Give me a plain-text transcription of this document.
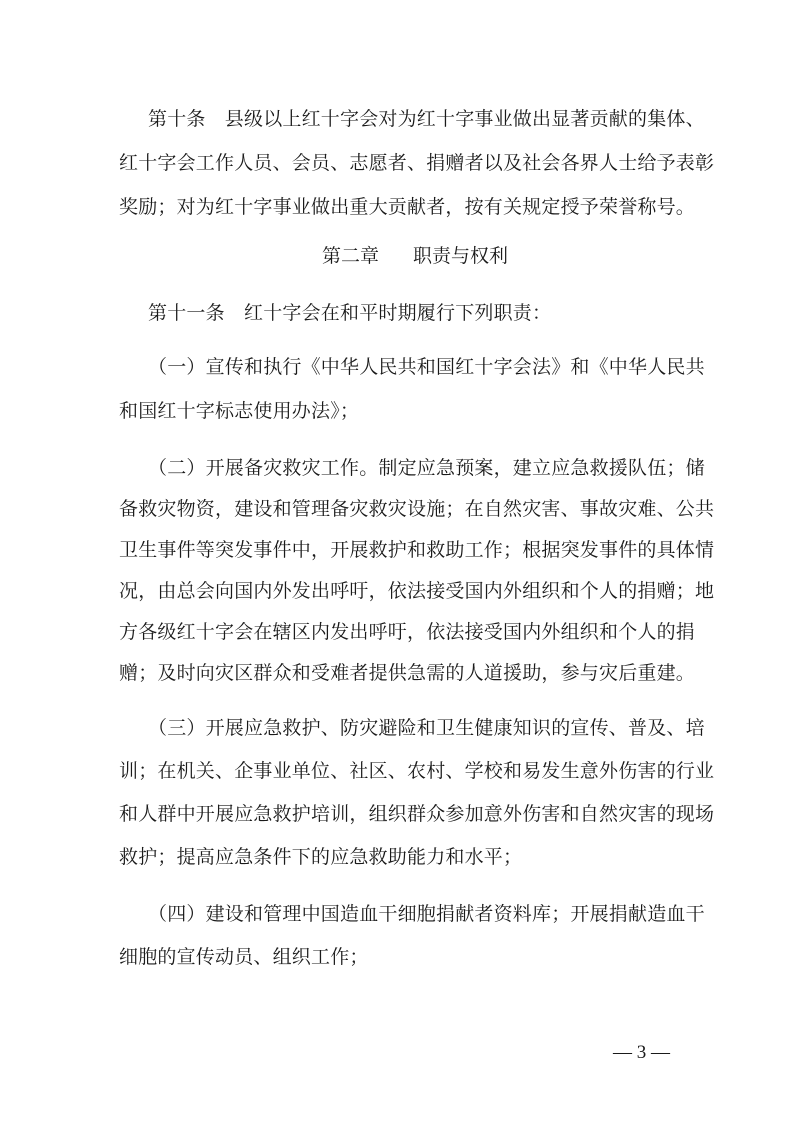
第十条　县级以上红十字会对为红十字事业做出显著贡献的集体、
红十字会工作人员、会员、志愿者、捐赠者以及社会各界人士给予表彰
奖励；对为红十字事业做出重大贡献者，按有关规定授予荣誉称号。
第二章 职责与权利
第十一条　红十字会在和平时期履行下列职责：
（一）宣传和执行《中华人民共和国红十字会法》和《中华人民共
和国红十字标志使用办法》；
（二）开展备灾救灾工作。制定应急预案，建立应急救援队伍；储
备救灾物资，建设和管理备灾救灾设施；在自然灾害、事故灾难、公共
卫生事件等突发事件中，开展救护和救助工作；根据突发事件的具体情
况，由总会向国内外发出呼吁，依法接受国内外组织和个人的捐赠；地
方各级红十字会在辖区内发出呼吁，依法接受国内外组织和个人的捐
赠；及时向灾区群众和受难者提供急需的人道援助，参与灾后重建。
（三）开展应急救护、防灾避险和卫生健康知识的宣传、普及、培
训；在机关、企事业单位、社区、农村、学校和易发生意外伤害的行业
和人群中开展应急救护培训，组织群众参加意外伤害和自然灾害的现场
救护；提高应急条件下的应急救助能力和水平；
（四）建设和管理中国造血干细胞捐献者资料库；开展捐献造血干
细胞的宣传动员、组织工作；
— 3 —
